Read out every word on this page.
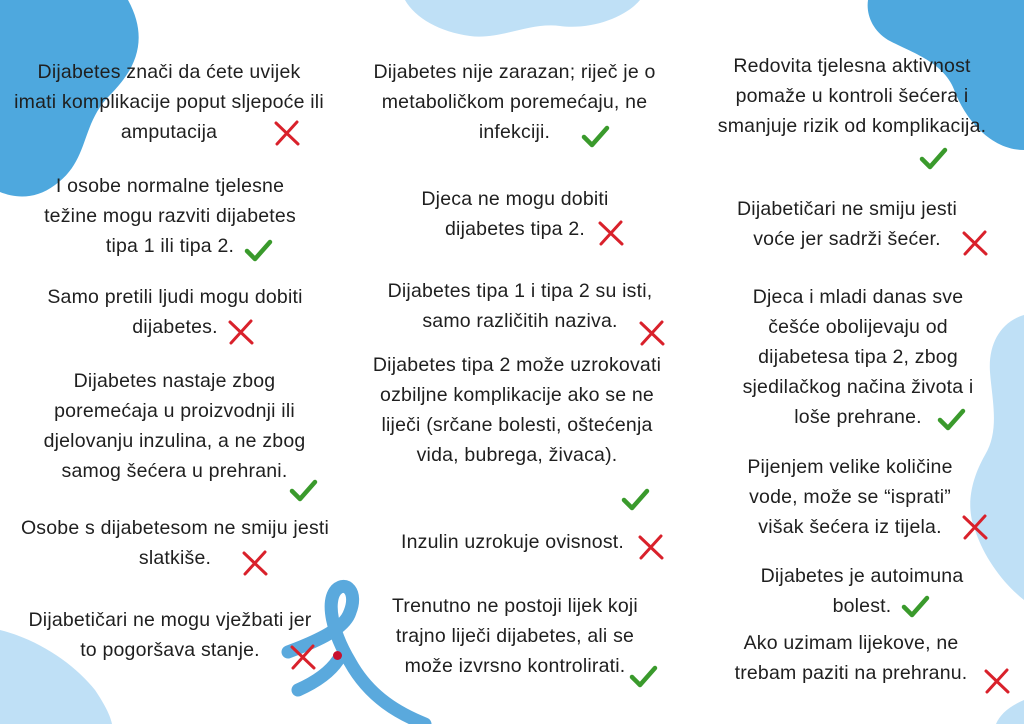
Dijabetes znači da ćete uvijek imati komplikacije poput sljepoće ili amputacija
I osobe normalne tjelesne težine mogu razviti dijabetes tipa 1 ili tipa 2.
Samo pretili ljudi mogu dobiti dijabetes.
Dijabetes nastaje zbog poremećaja u proizvodnji ili djelovanju inzulina, a ne zbog samog šećera u prehrani.
Osobe s dijabetesom ne smiju jesti slatkiše.
Dijabetičari ne mogu vježbati jer to pogoršava stanje.
Dijabetes nije zarazan; riječ je o metaboličkom poremećaju, ne infekciji.
Djeca ne mogu dobiti dijabetes tipa 2.
Dijabetes tipa 1 i tipa 2 su isti, samo različitih naziva.
Dijabetes tipa 2 može uzrokovati ozbiljne komplikacije ako se ne liječi (srčane bolesti, oštećenja vida, bubrega, živaca).
Inzulin uzrokuje ovisnost.
Trenutno ne postoji lijek koji trajno liječi dijabetes, ali se može izvrsno kontrolirati.
Redovita tjelesna aktivnost pomaže u kontroli šećera i smanjuje rizik od komplikacija.
Dijabetičari ne smiju jesti voće jer sadrži šećer.
Djeca i mladi danas sve češće obolijevaju od dijabetesa tipa 2, zbog sjedilačkog načina života i loše prehrane.
Pijenjem velike količine vode, može se “isprati” višak šećera iz tijela.
Dijabetes je autoimuna bolest.
Ako uzimam lijekove, ne trebam paziti na prehranu.
